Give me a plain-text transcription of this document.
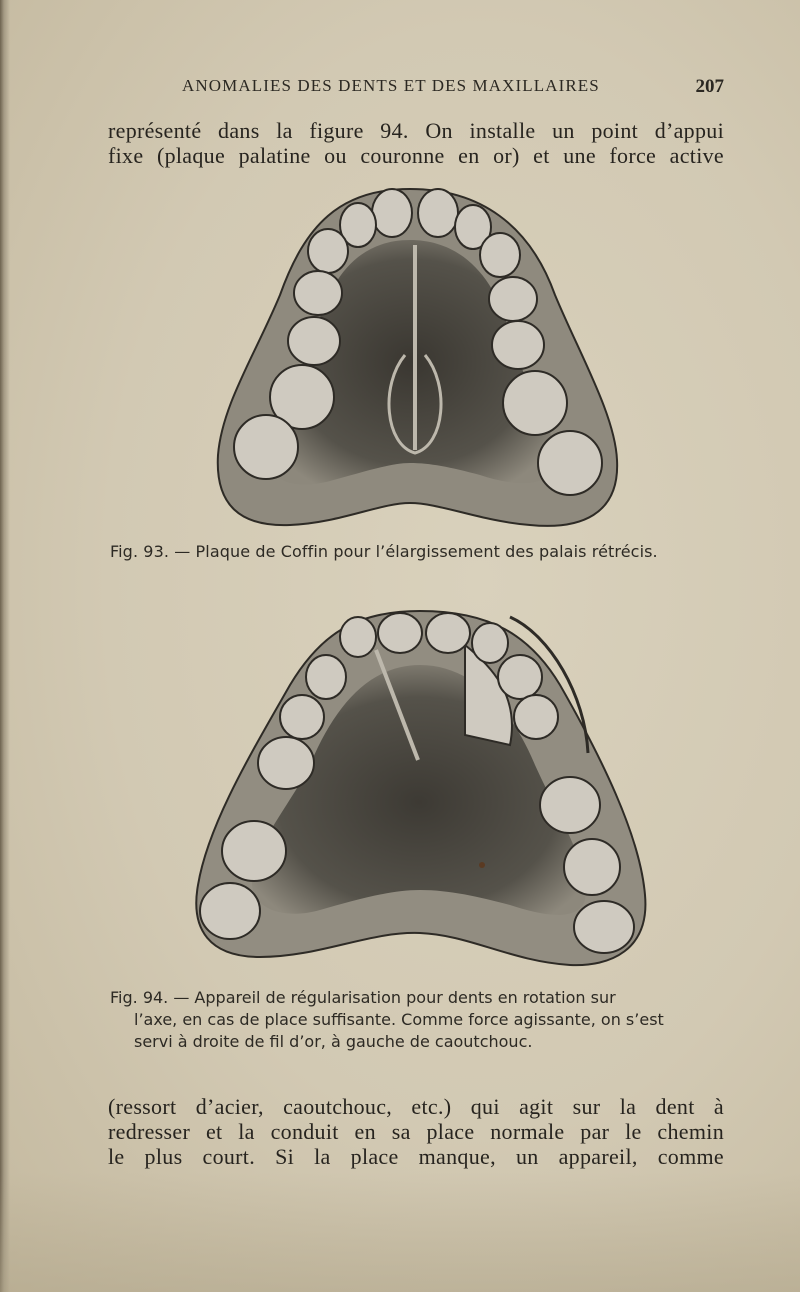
ANOMALIES DES DENTS ET DES MAXILLAIRES	207
représenté dans la figure 94. On installe un point d’appui
fixe (plaque palatine ou couronne en or) et une force active
Fig. 93. — Plaque de Coffin pour l’élargissement des palais rétrécis.
Fig. 94. — Appareil de régularisation pour dents en rotation sur
l’axe, en cas de place suffisante. Comme force agissante, on s’est
servi à droite de fil d’or, à gauche de caoutchouc.
(ressort d’acier, caoutchouc, etc.) qui agit sur la dent à
redresser et la conduit en sa place normale par le chemin
le plus court. Si la place manque, un appareil, comme
